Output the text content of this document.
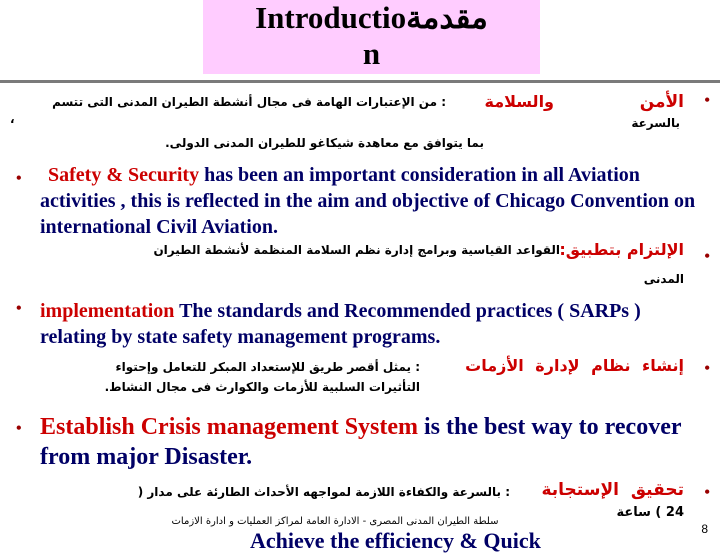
Introductioمقدمة
n
•
الأمن
والسلامة
: من الإعتبارات الهامة فى مجال أنشطة الطيران المدنى التى تتسم
بالسرعة
،
بما يتوافق مع معاهدة شيكاغو للطيران المدنى الدولى.
•	Safety & Security has been an important consideration in all Aviation activities , this is reflected in the aim and objective of Chicago Convention on international Civil Aviation.
•
الإلتزام بتطبيق:
القواعد القياسية وبرامج إدارة نظم السلامة المنظمة لأنشطة الطيران
المدنى
• implementation The standards and Recommended practices ( SARPs ) relating by state safety management programs.
•
إنشاء نظام لإدارة الأزمات
: يمثل أقصر طريق للإستعداد المبكر للتعامل وإحتواء
التأثيرات السلبية للأزمات والكوارث فى مجال النشاط.
• Establish Crisis management System is the best way to recover from major Disaster.
•
تحقيق الإستجابة
: بالسرعة والكفاءة اللازمة لمواجهه الأحداث الطارئة على مدار (
24 ) ساعة
سلطة الطيران المدنى المصرى - الادارة العامة لمراكز العمليات و ادارة الازمات
8
Achieve the efficiency & Quick
